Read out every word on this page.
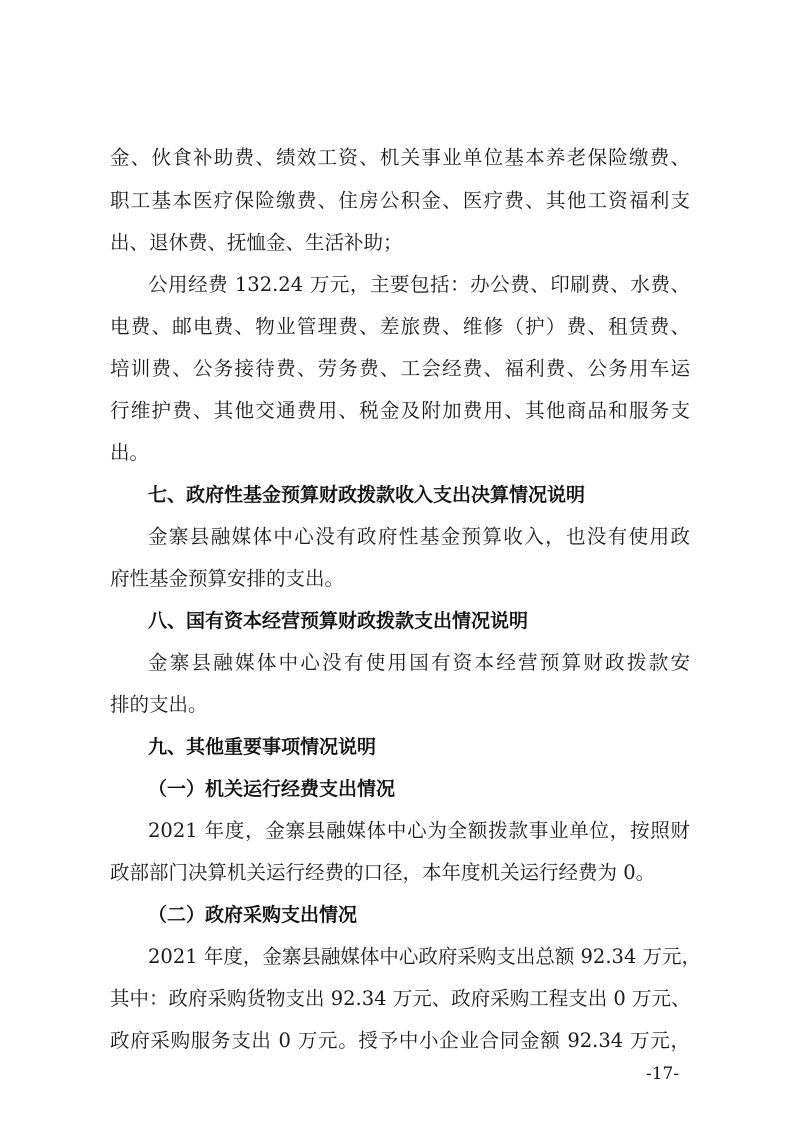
金、伙食补助费、绩效工资、机关事业单位基本养老保险缴费、
职工基本医疗保险缴费、住房公积金、医疗费、其他工资福利支
出、退休费、抚恤金、生活补助；
公用经费 132.24 万元，主要包括：办公费、印刷费、水费、
电费、邮电费、物业管理费、差旅费、维修（护）费、租赁费、
培训费、公务接待费、劳务费、工会经费、福利费、公务用车运
行维护费、其他交通费用、税金及附加费用、其他商品和服务支
出。
七、政府性基金预算财政拨款收入支出决算情况说明
金寨县融媒体中心没有政府性基金预算收入，也没有使用政
府性基金预算安排的支出。
八、国有资本经营预算财政拨款支出情况说明
金寨县融媒体中心没有使用国有资本经营预算财政拨款安
排的支出。
九、其他重要事项情况说明
（一）机关运行经费支出情况
2021 年度，金寨县融媒体中心为全额拨款事业单位，按照财
政部部门决算机关运行经费的口径，本年度机关运行经费为 0。
（二）政府采购支出情况
2021 年度，金寨县融媒体中心政府采购支出总额 92.34 万元，
其中：政府采购货物支出 92.34 万元、政府采购工程支出 0 万元、
政府采购服务支出 0 万元。授予中小企业合同金额 92.34 万元，
-17-
